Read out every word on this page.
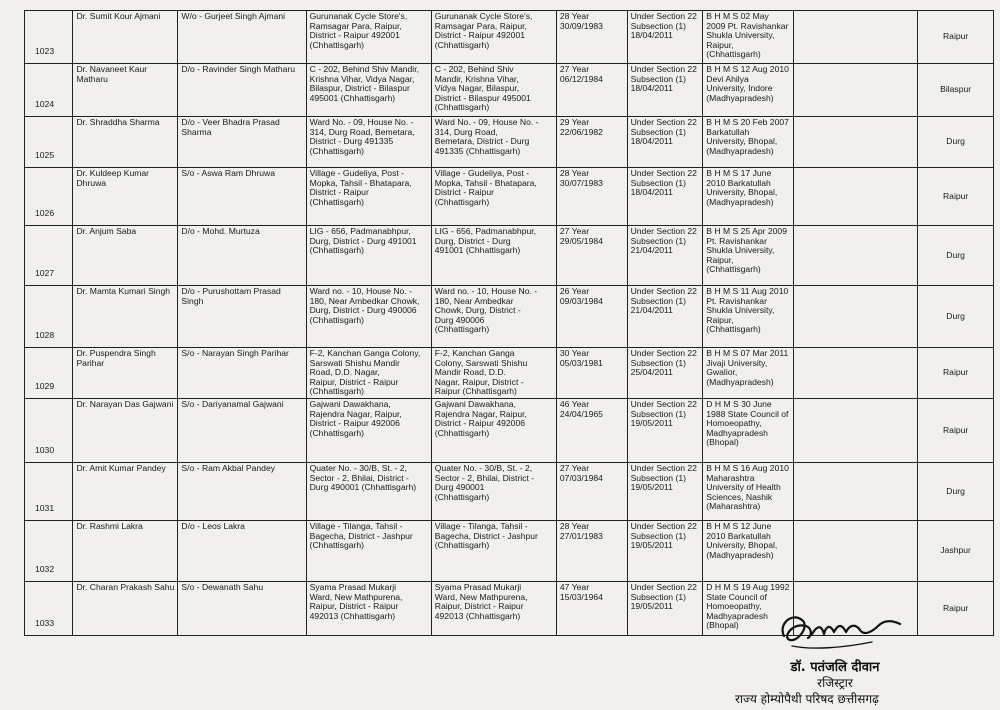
1023	Dr. Sumit Kour Ajmani	W/o - Gurjeet Singh Ajmani	Gurunanak Cycle Store's,
Ramsagar Para, Raipur,
District - Raipur 492001
(Chhattisgarh)	Gurunanak Cycle Store's,
Ramsagar Para, Raipur,
District - Raipur 492001
(Chhattisgarh)	28 Year
30/09/1983	Under Section 22
Subsection (1)
18/04/2011	B H M S 02 May 2009 Pt. Ravishankar Shukla University, Raipur, (Chhattisgarh)		Raipur
1024	Dr. Navaneet Kaur Matharu	D/o - Ravinder Singh Matharu	C - 202, Behind Shiv Mandir,
Krishna Vihar, Vidya Nagar,
Bilaspur, District - Bilaspur
495001 (Chhattisgarh)	C - 202, Behind Shiv
Mandir, Krishna Vihar,
Vidya Nagar, Bilaspur,
District - Bilaspur 495001
(Chhattisgarh)	27 Year
06/12/1984	Under Section 22
Subsection (1)
18/04/2011	B H M S 12 Aug 2010 Devi Ahilya University, Indore (Madhyapradesh)		Bilaspur
1025	Dr. Shraddha Sharma	D/o - Veer Bhadra Prasad
Sharma	Ward No. - 09, House No. -
314, Durg Road, Bemetara,
District - Durg 491335
(Chhattisgarh)	Ward No. - 09, House No. -
314, Durg Road,
Bemetara, District - Durg
491335 (Chhattisgarh)	29 Year
22/06/1982	Under Section 22
Subsection (1)
18/04/2011	B H M S 20 Feb 2007 Barkatullah University, Bhopal, (Madhyapradesh)		Durg
1026	Dr. Kuldeep Kumar Dhruwa	S/o - Aswa Ram Dhruwa	Village - Gudeliya, Post -
Mopka, Tahsil - Bhatapara,
District - Raipur
(Chhattisgarh)	Village - Gudeliya, Post -
Mopka, Tahsil - Bhatapara,
District - Raipur
(Chhattisgarh)	28 Year
30/07/1983	Under Section 22
Subsection (1)
18/04/2011	B H M S 17 June 2010 Barkatullah University, Bhopal, (Madhyapradesh)		Raipur
1027	Dr. Anjum Saba	D/o - Mohd. Murtuza	LIG - 656, Padmanabhpur,
Durg, District - Durg 491001
(Chhattisgarh)	LIG - 656, Padmanabhpur,
Durg, District - Durg
491001 (Chhattisgarh)	27 Year
29/05/1984	Under Section 22
Subsection (1)
21/04/2011	B H M S 25 Apr 2009 Pt. Ravishankar Shukla University, Raipur, (Chhattisgarh)		Durg
1028	Dr. Mamta Kumari Singh	D/o - Purushottam Prasad Singh	Ward no. - 10, House No. -
180, Near Ambedkar Chowk,
Durg, District - Durg 490006
(Chhattisgarh)	Ward no. - 10, House No. -
180, Near Ambedkar
Chowk, Durg, District -
Durg 490006
(Chhattisgarh)	26 Year
09/03/1984	Under Section 22
Subsection (1)
21/04/2011	B H M S 11 Aug 2010 Pt. Ravishankar Shukla University, Raipur, (Chhattisgarh)		Durg
1029	Dr. Puspendra Singh Parihar	S/o - Narayan Singh Parihar	F-2, Kanchan Ganga Colony,
Sarswati Shishu Mandir
Road, D.D. Nagar,
Raipur, District - Raipur
(Chhattisgarh)	F-2, Kanchan Ganga
Colony, Sarswati Shishu
Mandir Road, D.D.
Nagar, Raipur, District -
Raipur (Chhattisgarh)	30 Year
05/03/1981	Under Section 22
Subsection (1)
25/04/2011	B H M S 07 Mar 2011 Jivaji University, Gwalior, (Madhyapradesh)		Raipur
1030	Dr. Narayan Das Gajwani	S/o - Dariyanamal Gajwani	Gajwani Dawakhana,
Rajendra Nagar, Raipur,
District - Raipur 492006
(Chhattisgarh)	Gajwani Dawakhana,
Rajendra Nagar, Raipur,
District - Raipur 492006
(Chhattisgarh)	46 Year
24/04/1965	Under Section 22
Subsection (1)
19/05/2011	D H M S 30 June 1988 State Council of Homoeopathy, Madhyapradesh (Bhopal)		Raipur
1031	Dr. Amit Kumar Pandey	S/o - Ram Akbal Pandey	Quater No. - 30/B, St. - 2,
Sector - 2, Bhilai, District -
Durg 490001 (Chhattisgarh)	Quater No. - 30/B, St. - 2,
Sector - 2, Bhilai, District -
Durg 490001
(Chhattisgarh)	27 Year
07/03/1984	Under Section 22
Subsection (1)
19/05/2011	B H M S 16 Aug 2010 Maharashtra University of Health Sciences, Nashik (Maharashtra)		Durg
1032	Dr. Rashmi Lakra	D/o - Leos Lakra	Village - Tilanga, Tahsil -
Bagecha, District - Jashpur
(Chhattisgarh)	Village - Tilanga, Tahsil -
Bagecha, District - Jashpur
(Chhattisgarh)	28 Year
27/01/1983	Under Section 22
Subsection (1)
19/05/2011	B H M S 12 June 2010 Barkatullah University, Bhopal, (Madhyapradesh)		Jashpur
1033	Dr. Charan Prakash Sahu	S/o - Dewanath Sahu	Syama Prasad Mukarji
Ward, New Mathpurena,
Raipur, District - Raipur
492013 (Chhattisgarh)	Syama Prasad Mukarji
Ward, New Mathpurena,
Raipur, District - Raipur
492013 (Chhattisgarh)	47 Year
15/03/1964	Under Section 22
Subsection (1)
19/05/2011	D H M S 19 Aug 1992 State Council of Homoeopathy, Madhyapradesh (Bhopal)		Raipur
डॉ. पतंजलि दीवान
रजिस्ट्रार
राज्य होम्योपैथी परिषद छत्तीसगढ़
